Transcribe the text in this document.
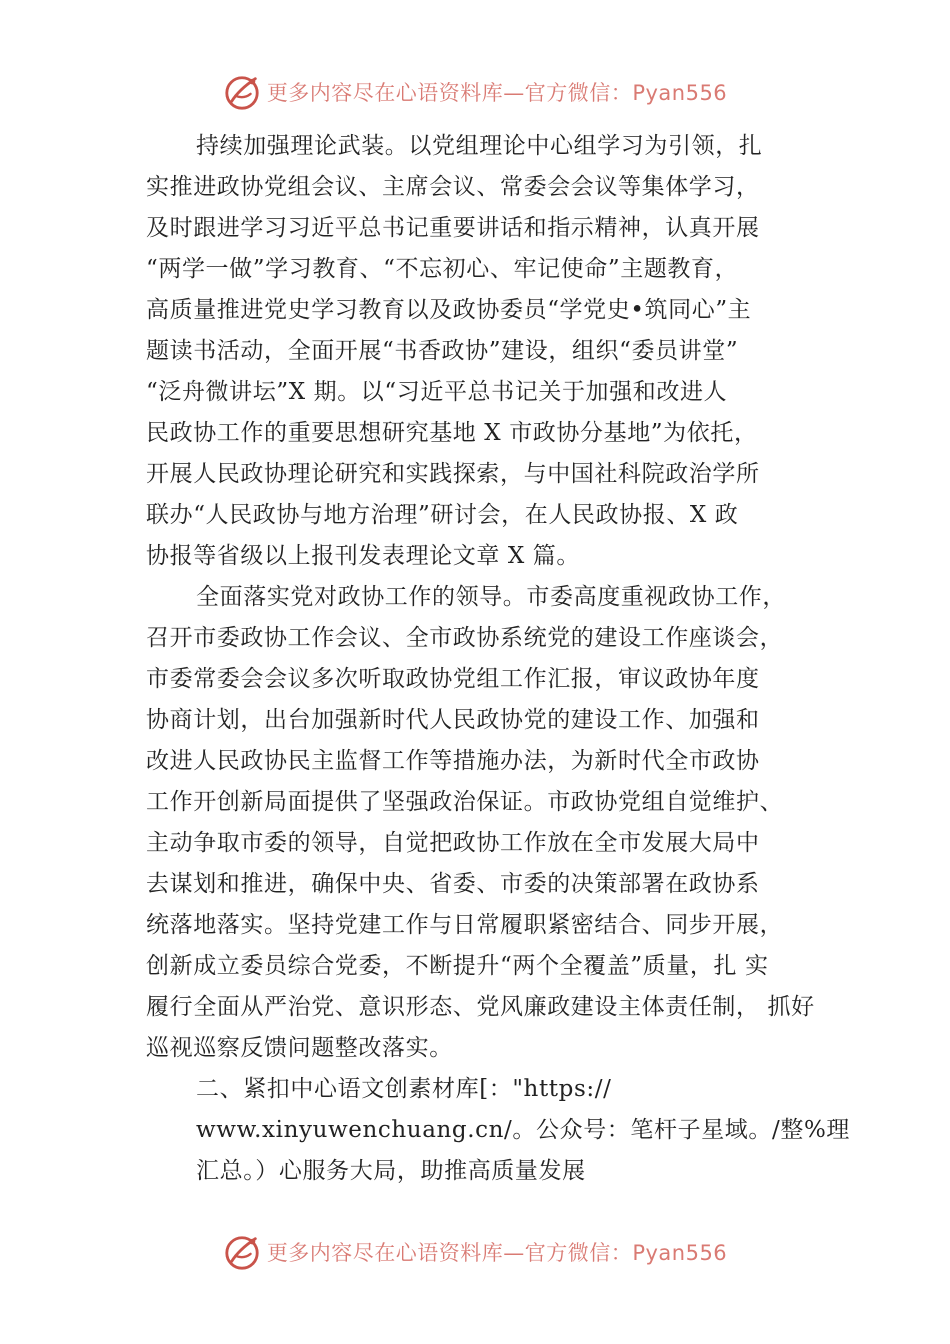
更多内容尽在心语资料库—官方微信：Pyan556
持续加强理论武装。以党组理论中心组学习为引领，扎
实推进政协党组会议、主席会议、常委会会议等集体学习，
及时跟进学习习近平总书记重要讲话和指示精神，认真开展
“两学一做”学习教育、“不忘初心、牢记使命”主题教育，
高质量推进党史学习教育以及政协委员“学党史•筑同心”主
题读书活动，全面开展“书香政协”建设，组织“委员讲堂”
“泛舟微讲坛”X 期。以“习近平总书记关于加强和改进人
民政协工作的重要思想研究基地 X 市政协分基地”为依托，
开展人民政协理论研究和实践探索，与中国社科院政治学所
联办“人民政协与地方治理”研讨会，在人民政协报、X 政
协报等省级以上报刊发表理论文章 X 篇。
全面落实党对政协工作的领导。市委高度重视政协工作，
召开市委政协工作会议、全市政协系统党的建设工作座谈会，
市委常委会会议多次听取政协党组工作汇报，审议政协年度
协商计划，出台加强新时代人民政协党的建设工作、加强和
改进人民政协民主监督工作等措施办法，为新时代全市政协
工作开创新局面提供了坚强政治保证。市政协党组自觉维护、
主动争取市委的领导，自觉把政协工作放在全市发展大局中
去谋划和推进，确保中央、省委、市委的决策部署在政协系
统落地落实。坚持党建工作与日常履职紧密结合、同步开展，
创新成立委员综合党委，不断提升“两个全覆盖”质量，扎 实
履行全面从严治党、意识形态、党风廉政建设主体责任制， 抓好
巡视巡察反馈问题整改落实。
二、紧扣中心语文创素材库[："https://
www.xinyuwenchuang.cn/。公众号：笔杆子星域。/整%理
汇总。）心服务大局，助推高质量发展
更多内容尽在心语资料库—官方微信：Pyan556
